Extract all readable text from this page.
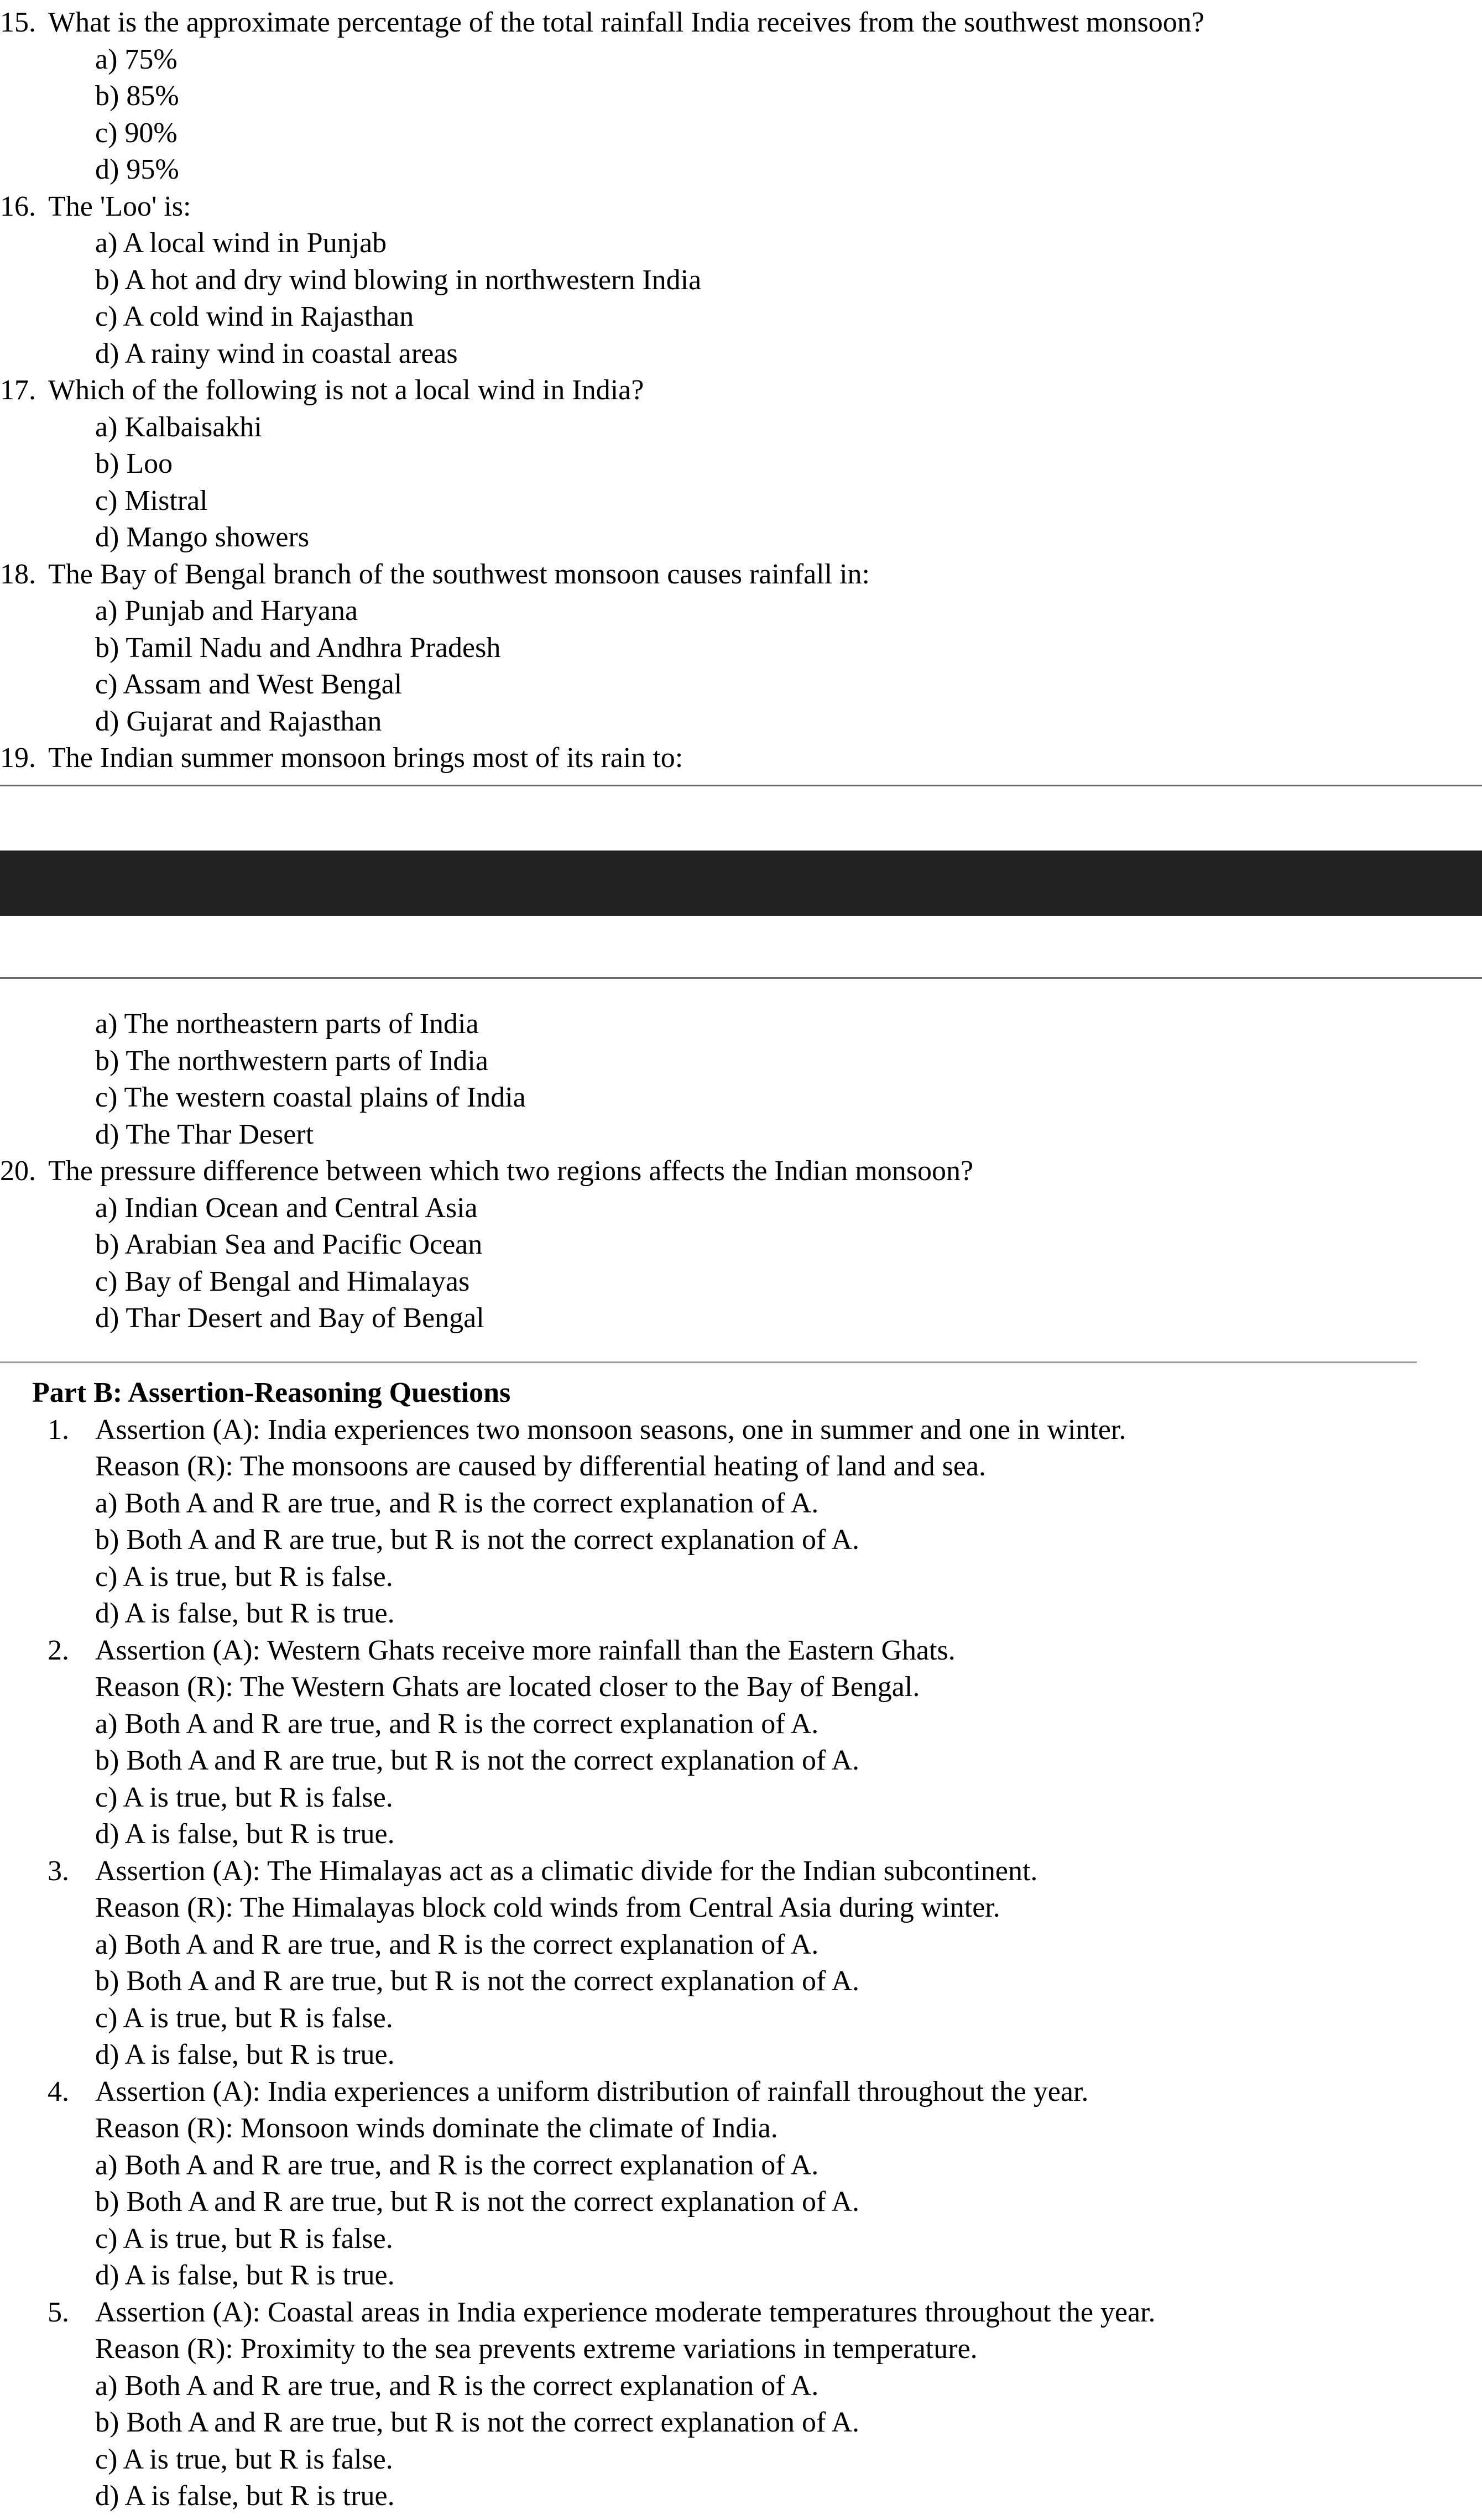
15. What is the approximate percentage of the total rainfall India receives from the southwest monsoon?
a) 75%
b) 85%
c) 90%
d) 95%
16. The 'Loo' is:
a) A local wind in Punjab
b) A hot and dry wind blowing in northwestern India
c) A cold wind in Rajasthan
d) A rainy wind in coastal areas
17. Which of the following is not a local wind in India?
a) Kalbaisakhi
b) Loo
c) Mistral
d) Mango showers
18. The Bay of Bengal branch of the southwest monsoon causes rainfall in:
a) Punjab and Haryana
b) Tamil Nadu and Andhra Pradesh
c) Assam and West Bengal
d) Gujarat and Rajasthan
19. The Indian summer monsoon brings most of its rain to:
a) The northeastern parts of India
b) The northwestern parts of India
c) The western coastal plains of India
d) The Thar Desert
20. The pressure difference between which two regions affects the Indian monsoon?
a) Indian Ocean and Central Asia
b) Arabian Sea and Pacific Ocean
c) Bay of Bengal and Himalayas
d) Thar Desert and Bay of Bengal
Part B: Assertion-Reasoning Questions
1. Assertion (A): India experiences two monsoon seasons, one in summer and one in winter.
Reason (R): The monsoons are caused by differential heating of land and sea.
a) Both A and R are true, and R is the correct explanation of A.
b) Both A and R are true, but R is not the correct explanation of A.
c) A is true, but R is false.
d) A is false, but R is true.
2. Assertion (A): Western Ghats receive more rainfall than the Eastern Ghats.
Reason (R): The Western Ghats are located closer to the Bay of Bengal.
a) Both A and R are true, and R is the correct explanation of A.
b) Both A and R are true, but R is not the correct explanation of A.
c) A is true, but R is false.
d) A is false, but R is true.
3. Assertion (A): The Himalayas act as a climatic divide for the Indian subcontinent.
Reason (R): The Himalayas block cold winds from Central Asia during winter.
a) Both A and R are true, and R is the correct explanation of A.
b) Both A and R are true, but R is not the correct explanation of A.
c) A is true, but R is false.
d) A is false, but R is true.
4. Assertion (A): India experiences a uniform distribution of rainfall throughout the year.
Reason (R): Monsoon winds dominate the climate of India.
a) Both A and R are true, and R is the correct explanation of A.
b) Both A and R are true, but R is not the correct explanation of A.
c) A is true, but R is false.
d) A is false, but R is true.
5. Assertion (A): Coastal areas in India experience moderate temperatures throughout the year.
Reason (R): Proximity to the sea prevents extreme variations in temperature.
a) Both A and R are true, and R is the correct explanation of A.
b) Both A and R are true, but R is not the correct explanation of A.
c) A is true, but R is false.
d) A is false, but R is true.
